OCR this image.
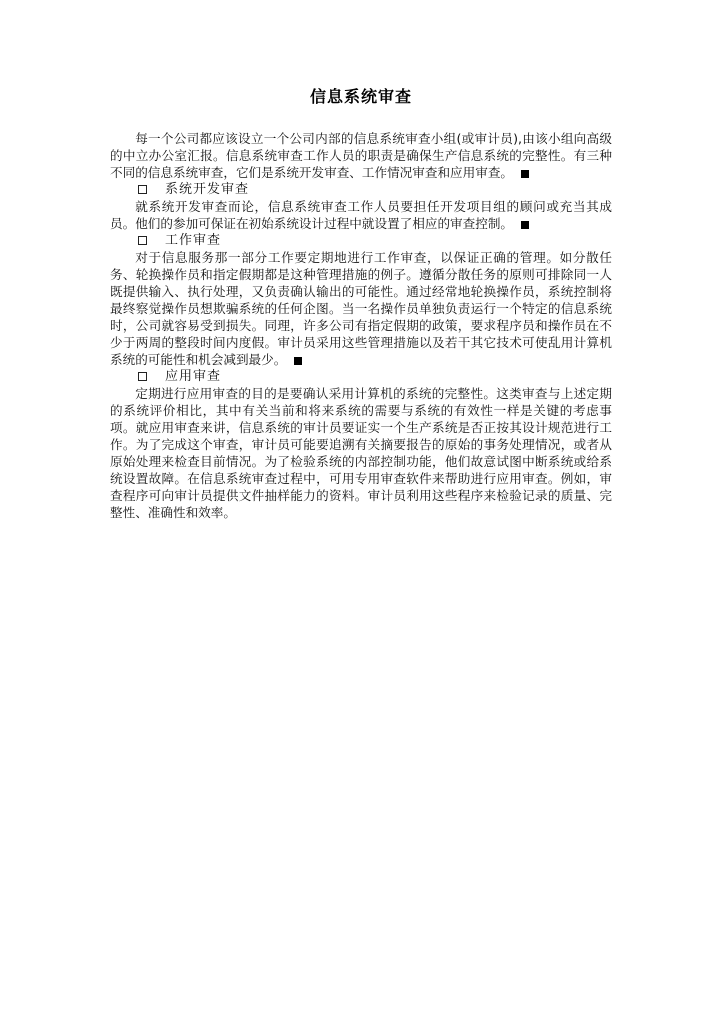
信息系统审查

每一个公司都应该设立一个公司内部的信息系统审查小组(或审计员),由该小组向高级的中立办公室汇报。信息系统审查工作人员的职责是确保生产信息系统的完整性。有三种不同的信息系统审查，它们是系统开发审查、工作情况审查和应用审查。

系统开发审查

就系统开发审查而论，信息系统审查工作人员要担任开发项目组的顾问或充当其成员。他们的参加可保证在初始系统设计过程中就设置了相应的审查控制。

工作审查

对于信息服务那一部分工作要定期地进行工作审查，以保证正确的管理。如分散任务、轮换操作员和指定假期都是这种管理措施的例子。遵循分散任务的原则可排除同一人既提供输入、执行处理，又负责确认输出的可能性。通过经常地轮换操作员，系统控制将最终察觉操作员想欺骗系统的任何企图。当一名操作员单独负责运行一个特定的信息系统时，公司就容易受到损失。同理，许多公司有指定假期的政策，要求程序员和操作员在不少于两周的整段时间内度假。审计员采用这些管理措施以及若干其它技术可使乱用计算机系统的可能性和机会减到最少。

应用审查

定期进行应用审查的目的是要确认采用计算机的系统的完整性。这类审查与上述定期的系统评价相比，其中有关当前和将来系统的需要与系统的有效性一样是关键的考虑事项。就应用审查来讲，信息系统的审计员要证实一个生产系统是否正按其设计规范进行工作。为了完成这个审查，审计员可能要追溯有关摘要报告的原始的事务处理情况，或者从原始处理来检查目前情况。为了检验系统的内部控制功能，他们故意试图中断系统或给系统设置故障。在信息系统审查过程中，可用专用审查软件来帮助进行应用审查。例如，审查程序可向审计员提供文件抽样能力的资料。审计员利用这些程序来检验记录的质量、完整性、准确性和效率。
